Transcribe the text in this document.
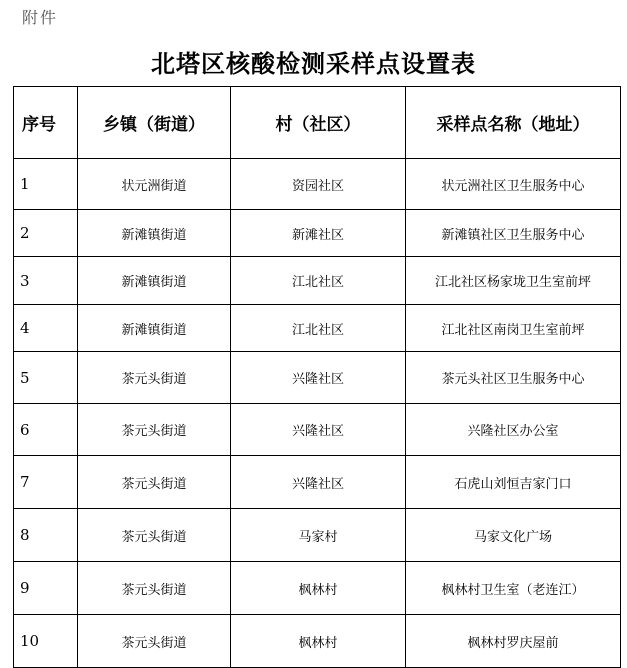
附件
北塔区核酸检测采样点设置表
序号	乡镇（街道）	村（社区）	采样点名称（地址）
1	状元洲街道	资园社区	状元洲社区卫生服务中心
2	新滩镇街道	新滩社区	新滩镇社区卫生服务中心
3	新滩镇街道	江北社区	江北社区杨家垅卫生室前坪
4	新滩镇街道	江北社区	江北社区南岗卫生室前坪
5	茶元头街道	兴隆社区	茶元头社区卫生服务中心
6	茶元头街道	兴隆社区	兴隆社区办公室
7	茶元头街道	兴隆社区	石虎山刘恒吉家门口
8	茶元头街道	马家村	马家文化广场
9	茶元头街道	枫林村	枫林村卫生室（老连江）
10	茶元头街道	枫林村	枫林村罗庆屋前
